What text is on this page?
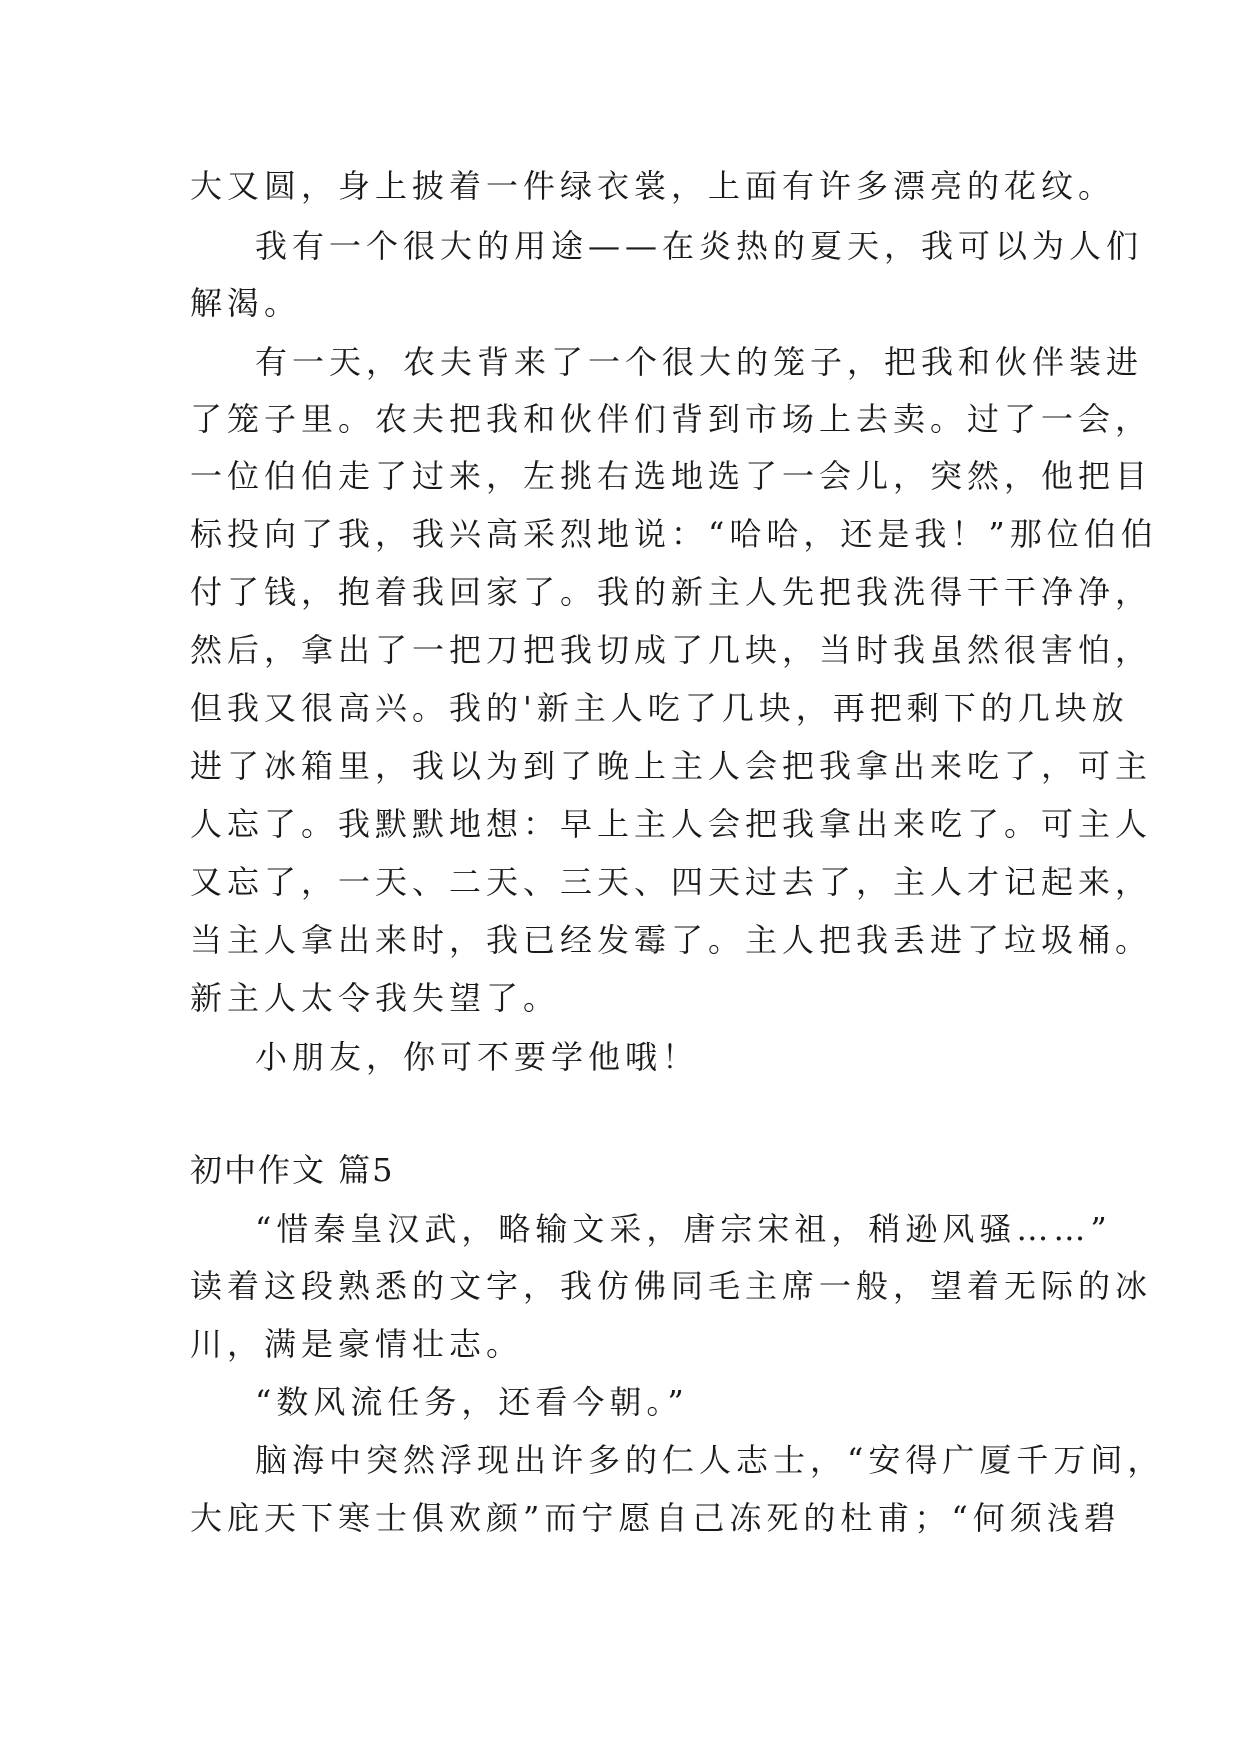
大又圆，身上披着一件绿衣裳，上面有许多漂亮的花纹。
我有一个很大的用途——在炎热的夏天，我可以为人们
解渴。
有一天，农夫背来了一个很大的笼子，把我和伙伴装进
了笼子里。农夫把我和伙伴们背到市场上去卖。过了一会，
一位伯伯走了过来，左挑右选地选了一会儿，突然，他把目
标投向了我，我兴高采烈地说：“哈哈，还是我！”那位伯伯
付了钱，抱着我回家了。我的新主人先把我洗得干干净净，
然后，拿出了一把刀把我切成了几块，当时我虽然很害怕，
但我又很高兴。我的'新主人吃了几块，再把剩下的几块放
进了冰箱里，我以为到了晚上主人会把我拿出来吃了，可主
人忘了。我默默地想：早上主人会把我拿出来吃了。可主人
又忘了，一天、二天、三天、四天过去了，主人才记起来，
当主人拿出来时，我已经发霉了。主人把我丢进了垃圾桶。
新主人太令我失望了。
小朋友，你可不要学他哦！
初中作文 篇5
“惜秦皇汉武，略输文采，唐宗宋祖，稍逊风骚……”
读着这段熟悉的文字，我仿佛同毛主席一般，望着无际的冰
川，满是豪情壮志。
“数风流任务，还看今朝。”
脑海中突然浮现出许多的仁人志士，“安得广厦千万间，
大庇天下寒士俱欢颜”而宁愿自己冻死的杜甫；“何须浅碧
